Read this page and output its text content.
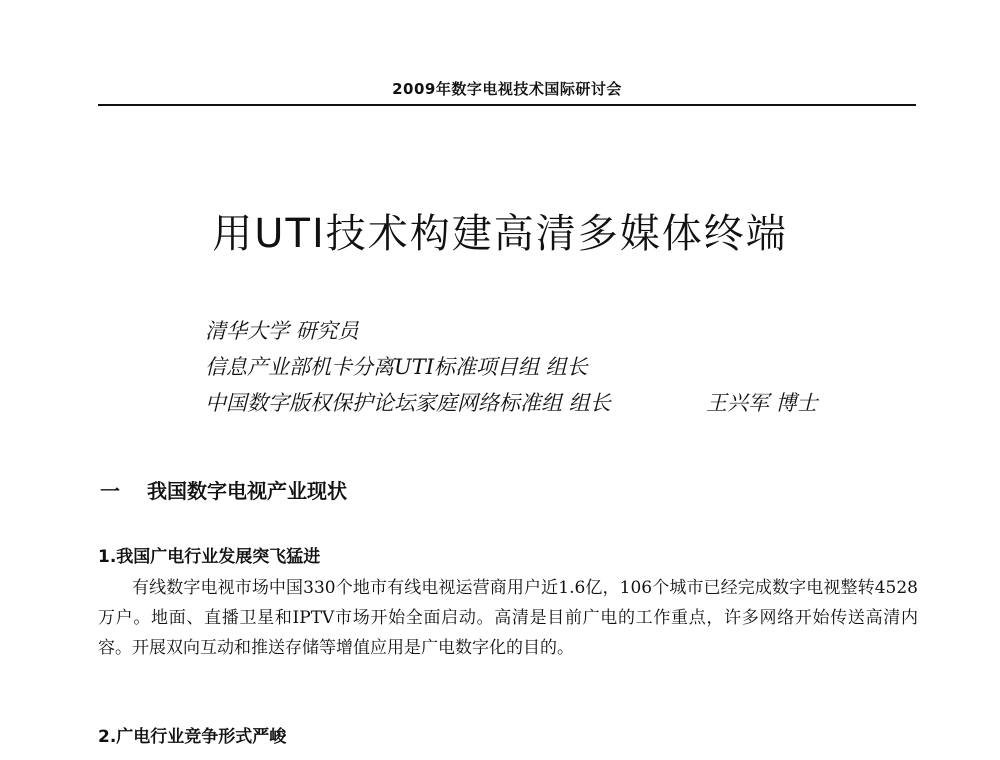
2009年数字电视技术国际研讨会
用UTI技术构建高清多媒体终端
清华大学 研究员
信息产业部机卡分离UTI标准项目组 组长
中国数字版权保护论坛家庭网络标准组 组长	王兴军 博士
一 我国数字电视产业现状
1.我国广电行业发展突飞猛进

有线数字电视市场中国330个地市有线电视运营商用户近1.6亿，106个城市已经完成数字电视整转4528万户。地面、直播卫星和IPTV市场开始全面启动。高清是目前广电的工作重点，许多网络开始传送高清内容。开展双向互动和推送存储等增值应用是广电数字化的目的。

2.广电行业竞争形式严峻
